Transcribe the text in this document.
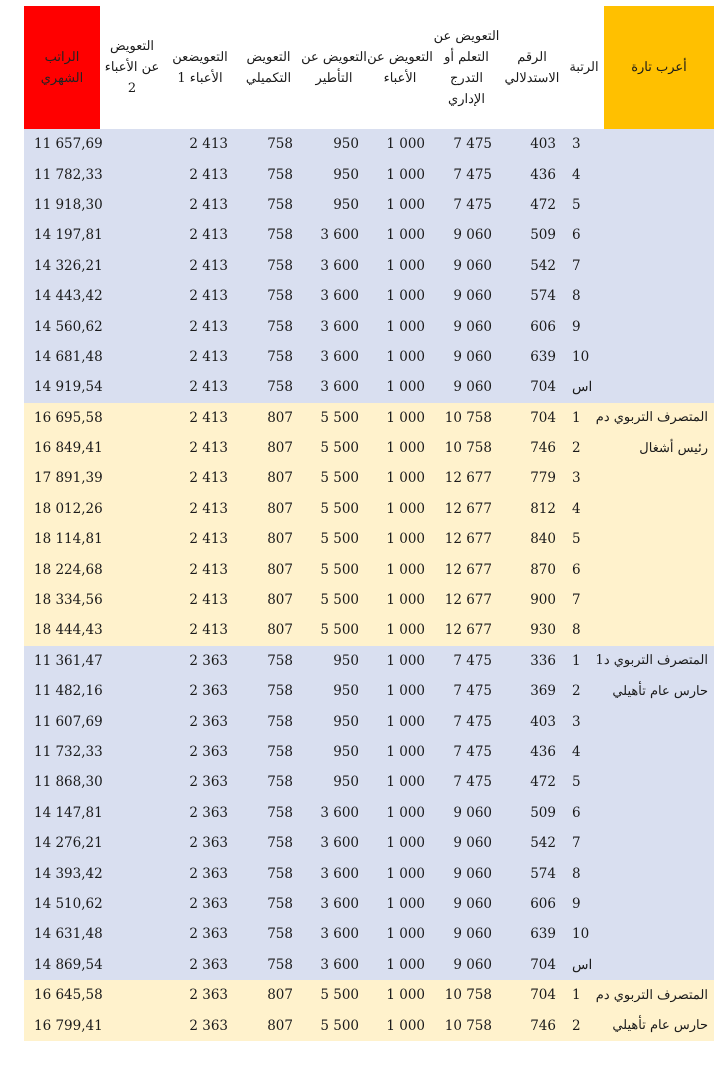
الراتب الشهري	التعويض عن الأعباء 2	التعويضعن الأعباء 1	التعويض التكميلي	التعويض عن التأطير	التعويض عن الأعباء	التعويض عن التعلم أو التدرج الإداري	الرقم الاستدلالي	الرتبة	أعرب تارة
11 657,69		2 413	758	950	1 000	7 475	403	3	
11 782,33		2 413	758	950	1 000	7 475	436	4	
11 918,30		2 413	758	950	1 000	7 475	472	5	
14 197,81		2 413	758	3 600	1 000	9 060	509	6	
14 326,21		2 413	758	3 600	1 000	9 060	542	7	
14 443,42		2 413	758	3 600	1 000	9 060	574	8	
14 560,62		2 413	758	3 600	1 000	9 060	606	9	
14 681,48		2 413	758	3 600	1 000	9 060	639	10	
14 919,54		2 413	758	3 600	1 000	9 060	704	اس	
16 695,58		2 413	807	5 500	1 000	10 758	704	1	المتصرف التربوي دم
16 849,41		2 413	807	5 500	1 000	10 758	746	2	رئيس أشغال
17 891,39		2 413	807	5 500	1 000	12 677	779	3	
18 012,26		2 413	807	5 500	1 000	12 677	812	4	
18 114,81		2 413	807	5 500	1 000	12 677	840	5	
18 224,68		2 413	807	5 500	1 000	12 677	870	6	
18 334,56		2 413	807	5 500	1 000	12 677	900	7	
18 444,43		2 413	807	5 500	1 000	12 677	930	8	
11 361,47		2 363	758	950	1 000	7 475	336	1	المتصرف التربوي د1
11 482,16		2 363	758	950	1 000	7 475	369	2	حارس عام تأهيلي
11 607,69		2 363	758	950	1 000	7 475	403	3	
11 732,33		2 363	758	950	1 000	7 475	436	4	
11 868,30		2 363	758	950	1 000	7 475	472	5	
14 147,81		2 363	758	3 600	1 000	9 060	509	6	
14 276,21		2 363	758	3 600	1 000	9 060	542	7	
14 393,42		2 363	758	3 600	1 000	9 060	574	8	
14 510,62		2 363	758	3 600	1 000	9 060	606	9	
14 631,48		2 363	758	3 600	1 000	9 060	639	10	
14 869,54		2 363	758	3 600	1 000	9 060	704	اس	
16 645,58		2 363	807	5 500	1 000	10 758	704	1	المتصرف التربوي دم
16 799,41		2 363	807	5 500	1 000	10 758	746	2	حارس عام تأهيلي
